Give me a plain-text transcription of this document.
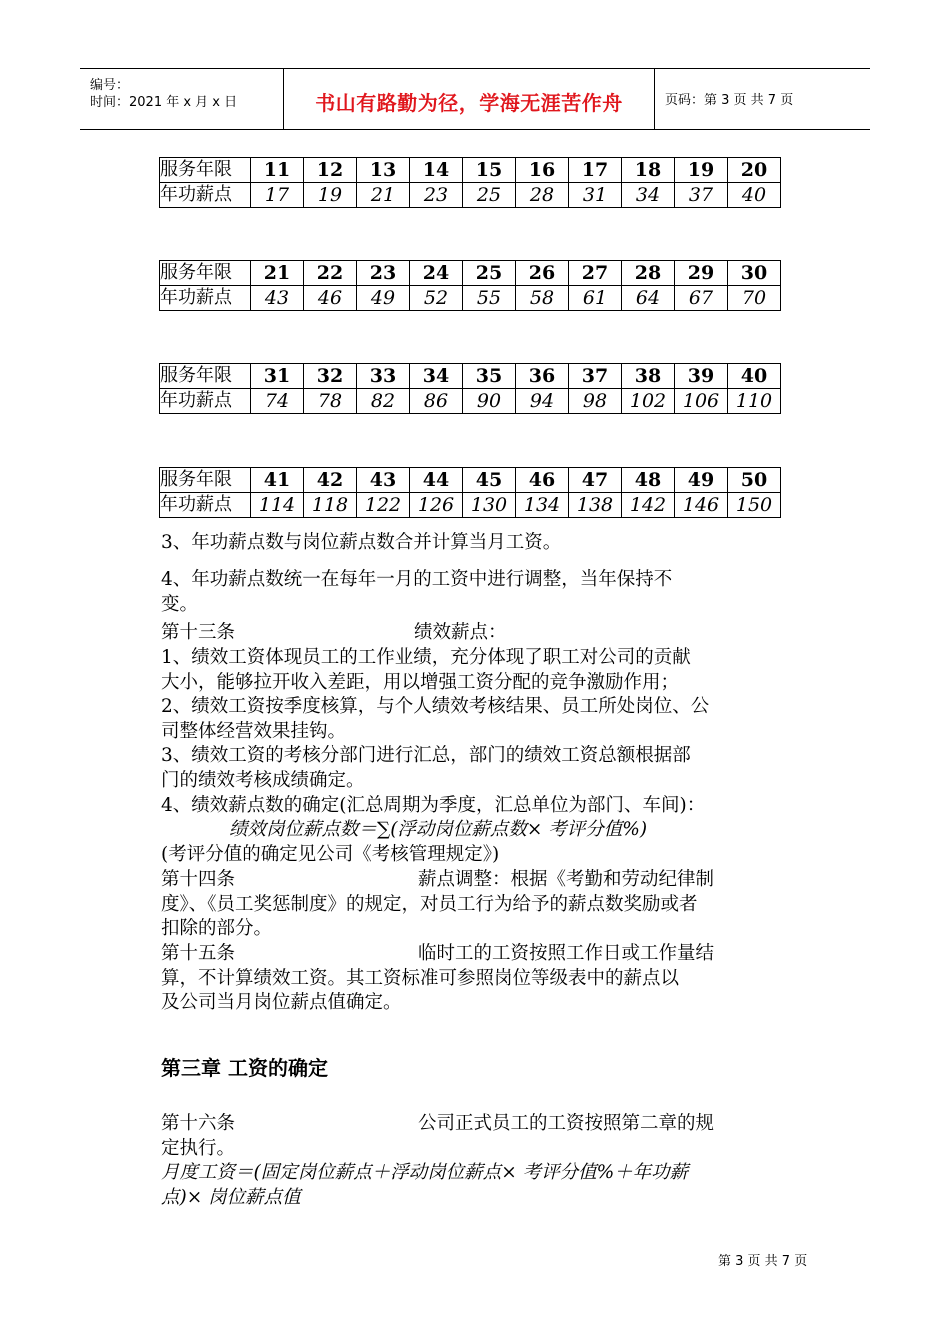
编号：
时间：2021 年 x 月 x 日	书山有路勤为径，学海无涯苦作舟	页码：第 3 页 共 7 页
服务年限	11	12	13	14	15	16	17	18	19	20
年功薪点	17	19	21	23	25	28	31	34	37	40
服务年限	21	22	23	24	25	26	27	28	29	30
年功薪点	43	46	49	52	55	58	61	64	67	70
服务年限	31	32	33	34	35	36	37	38	39	40
年功薪点	74	78	82	86	90	94	98	102	106	110
服务年限	41	42	43	44	45	46	47	48	49	50
年功薪点	114	118	122	126	130	134	138	142	146	150
3、年功薪点数与岗位薪点数合并计算当月工资。
4、年功薪点数统一在每年一月的工资中进行调整，当年保持不
变。
第十三条	绩效薪点：
1、绩效工资体现员工的工作业绩，充分体现了职工对公司的贡献
大小，能够拉开收入差距，用以增强工资分配的竞争激励作用；
2、绩效工资按季度核算，与个人绩效考核结果、员工所处岗位、公
司整体经营效果挂钩。
3、绩效工资的考核分部门进行汇总，部门的绩效工资总额根据部
门的绩效考核成绩确定。
4、绩效薪点数的确定(汇总周期为季度，汇总单位为部门、车间)：
绩效岗位薪点数＝∑(浮动岗位薪点数× 考评分值%)
(考评分值的确定见公司《考核管理规定》)
第十四条	薪点调整：根据《考勤和劳动纪律制
度》、《员工奖惩制度》的规定，对员工行为给予的薪点数奖励或者
扣除的部分。
第十五条	临时工的工资按照工作日或工作量结
算，不计算绩效工资。其工资标准可参照岗位等级表中的薪点以
及公司当月岗位薪点值确定。
第三章 工资的确定
第十六条	公司正式员工的工资按照第二章的规
定执行。
月度工资＝(固定岗位薪点＋浮动岗位薪点× 考评分值%＋年功薪
点)× 岗位薪点值
第 3 页 共 7 页
